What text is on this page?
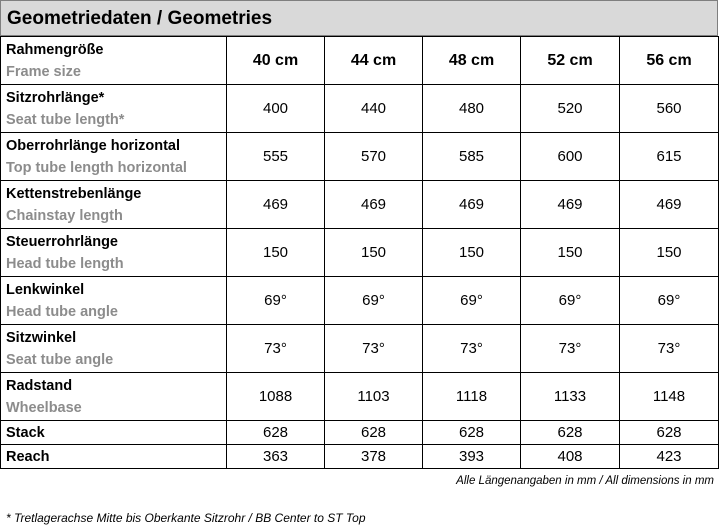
Geometriedaten / Geometries
Rahmengröße
Frame size	40 cm	44 cm	48 cm	52 cm	56 cm

Sitzrohrlänge*
Seat tube length*	400	440	480	520	560

Oberrohrlänge horizontal
Top tube length horizontal	555	570	585	600	615

Kettenstrebenlänge
Chainstay length	469	469	469	469	469

Steuerrohrlänge
Head tube length	150	150	150	150	150

Lenkwinkel
Head tube angle	69°	69°	69°	69°	69°

Sitzwinkel
Seat tube angle	73°	73°	73°	73°	73°

Radstand
Wheelbase	1088	1103	1118	1133	1148
Stack	628	628	628	628	628
Reach	363	378	393	408	423
Alle Längenangaben in mm / All dimensions in mm
* Tretlagerachse Mitte bis Oberkante Sitzrohr / BB Center to ST Top
